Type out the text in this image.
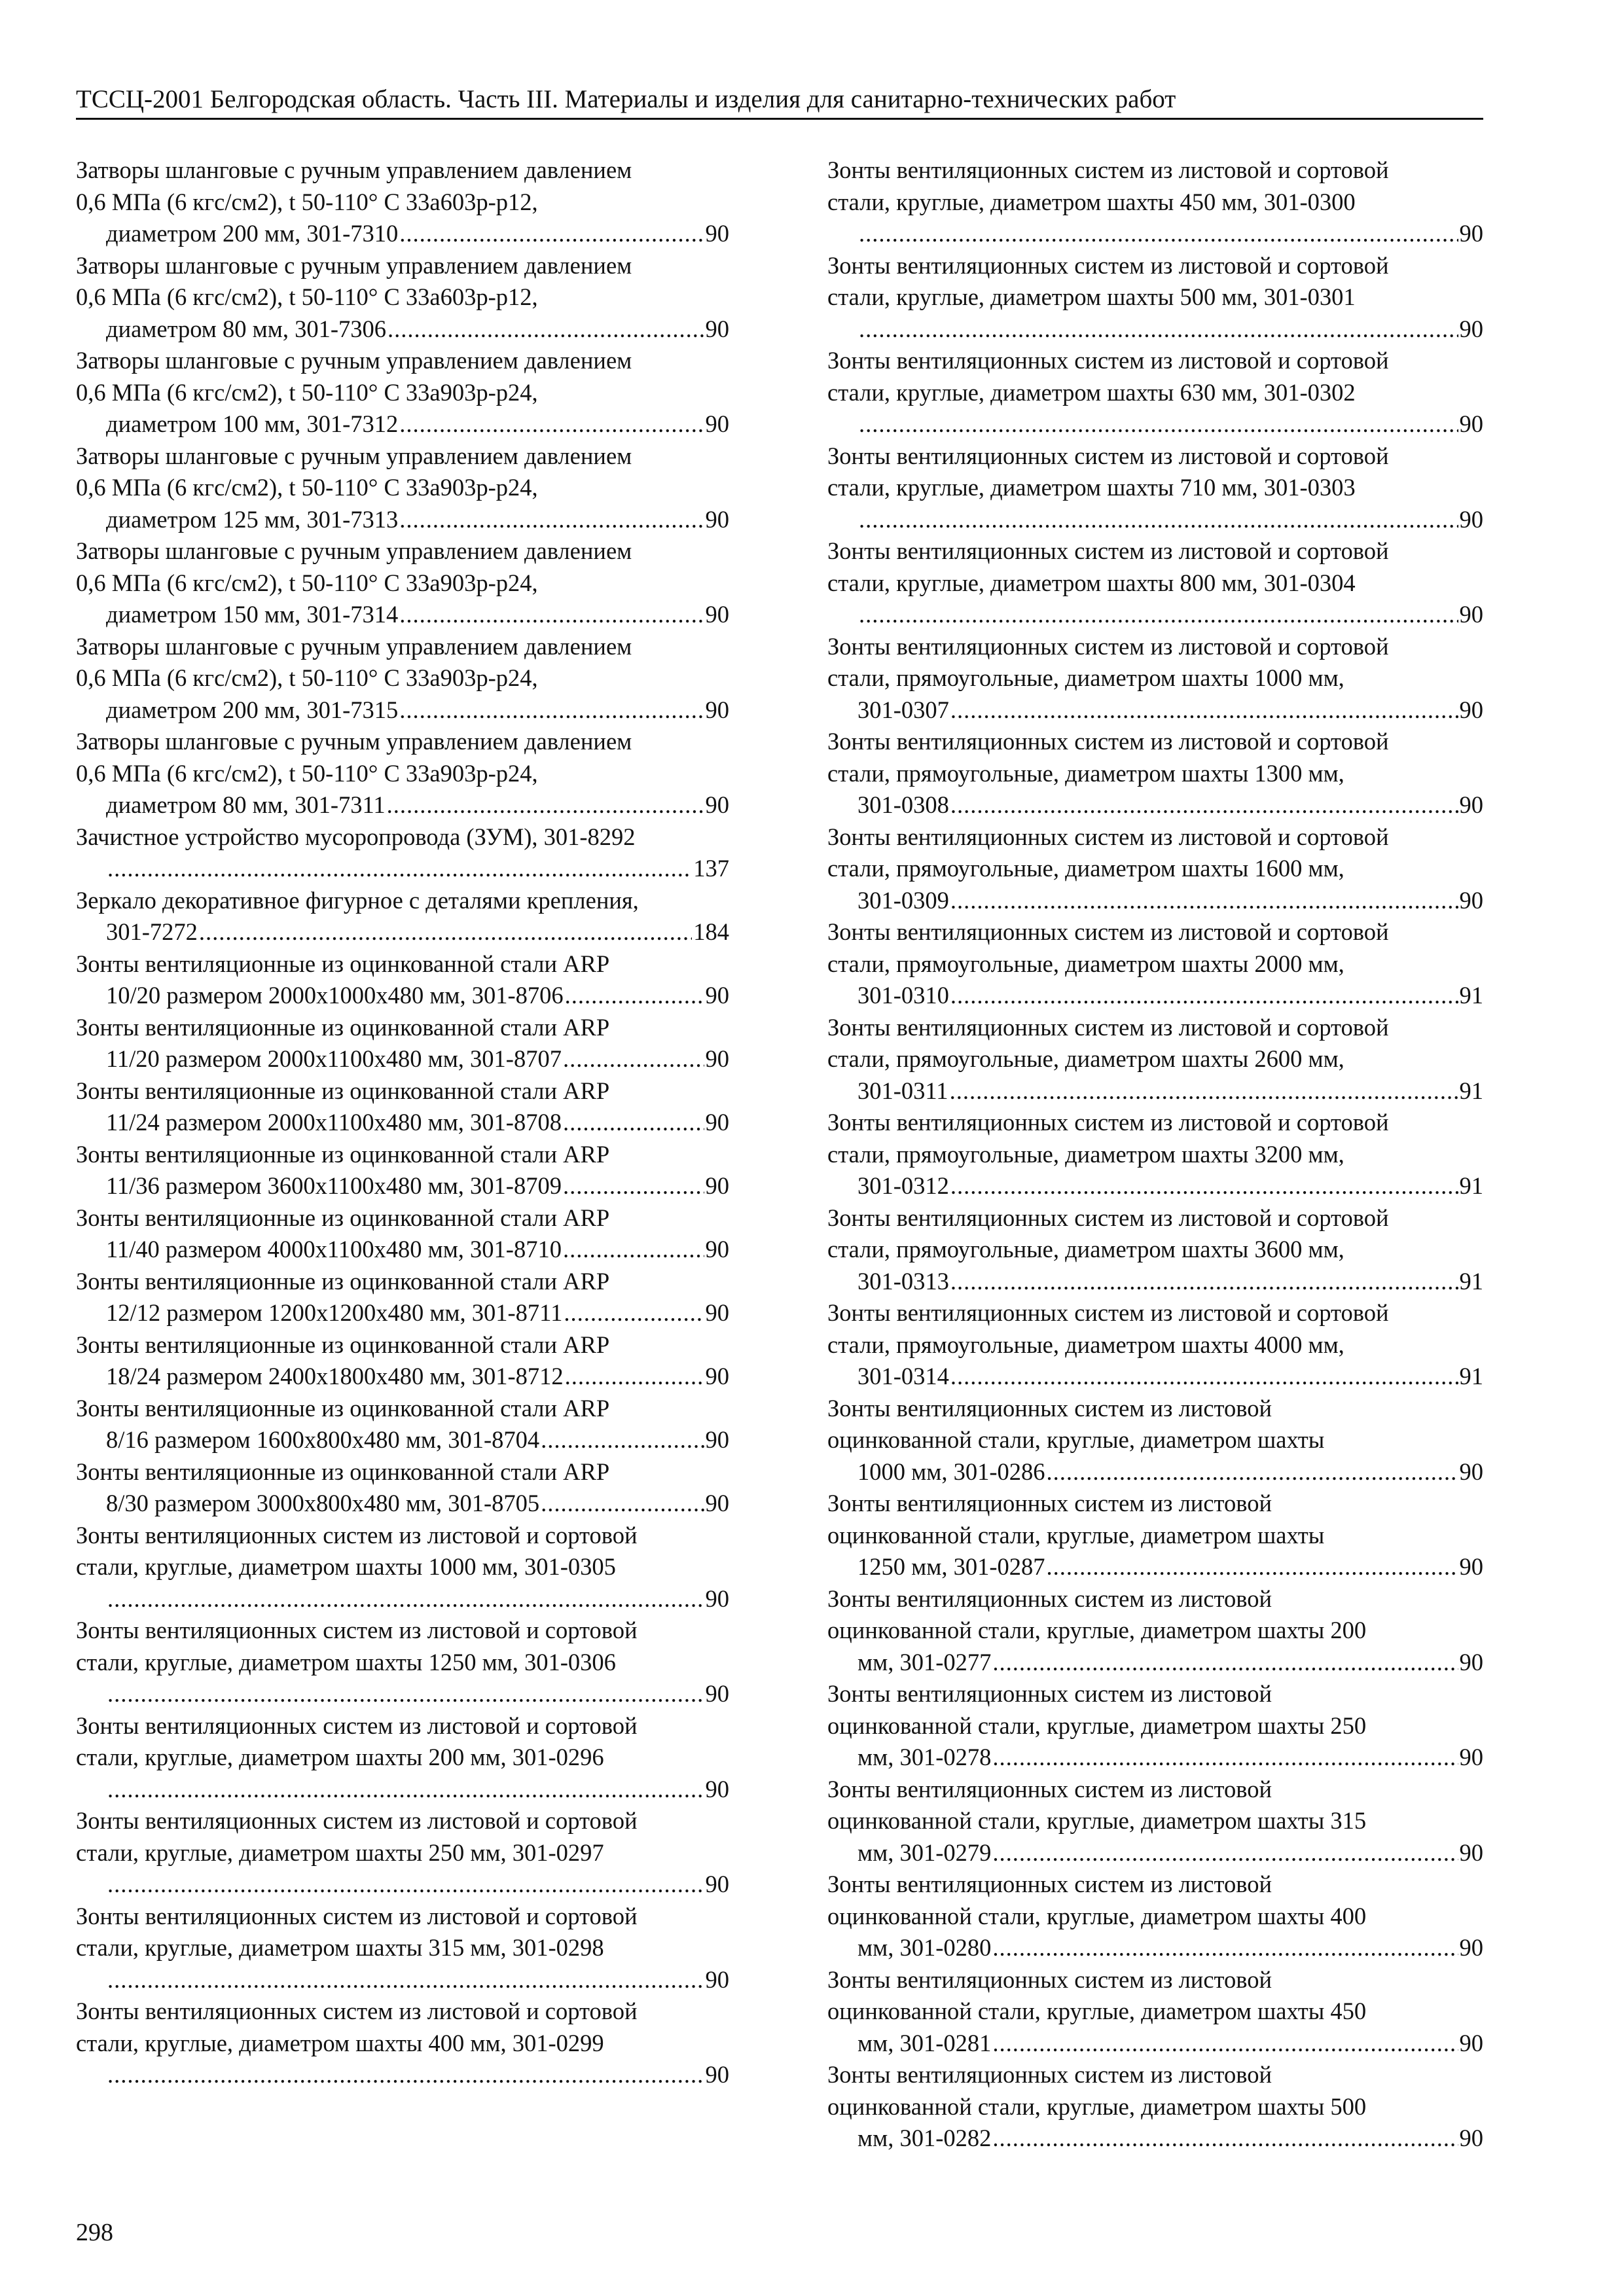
ТССЦ-2001 Белгородская область. Часть III. Материалы и изделия для санитарно-технических работ
Затворы шланговые с ручным управлением давлением
0,6 МПа (6 кгс/см2), t 50-110° С 33а603р-р12,
диаметром 200 мм, 301-7310 .....	90
Затворы шланговые с ручным управлением давлением
0,6 МПа (6 кгс/см2), t 50-110° С 33а603р-р12,
диаметром 80 мм, 301-7306 .....	90
Затворы шланговые с ручным управлением давлением
0,6 МПа (6 кгс/см2), t 50-110° С 33а903р-р24,
диаметром 100 мм, 301-7312 .....	90
Затворы шланговые с ручным управлением давлением
0,6 МПа (6 кгс/см2), t 50-110° С 33а903р-р24,
диаметром 125 мм, 301-7313 .....	90
Затворы шланговые с ручным управлением давлением
0,6 МПа (6 кгс/см2), t 50-110° С 33а903р-р24,
диаметром 150 мм, 301-7314 .....	90
Затворы шланговые с ручным управлением давлением
0,6 МПа (6 кгс/см2), t 50-110° С 33а903р-р24,
диаметром 200 мм, 301-7315 .....	90
Затворы шланговые с ручным управлением давлением
0,6 МПа (6 кгс/см2), t 50-110° С 33а903р-р24,
диаметром 80 мм, 301-7311 .....	90
Зачистное устройство мусоропровода (ЗУМ), 301-8292
.....
137
Зеркало декоративное фигурное с деталями крепления,
301-7272 .....	184
Зонты вентиляционные из оцинкованной стали ARP
10/20 размером 2000x1000x480 мм, 301-8706 .....	90
Зонты вентиляционные из оцинкованной стали ARP
11/20 размером 2000x1100x480 мм, 301-8707 .....	90
Зонты вентиляционные из оцинкованной стали ARP
11/24 размером 2000x1100x480 мм, 301-8708 .....	90
Зонты вентиляционные из оцинкованной стали ARP
11/36 размером 3600x1100x480 мм, 301-8709 .....	90
Зонты вентиляционные из оцинкованной стали ARP
11/40 размером 4000x1100x480 мм, 301-8710 .....	90
Зонты вентиляционные из оцинкованной стали ARP
12/12 размером 1200x1200x480 мм, 301-8711 .....	90
Зонты вентиляционные из оцинкованной стали ARP
18/24 размером 2400x1800x480 мм, 301-8712 .....	90
Зонты вентиляционные из оцинкованной стали ARP
8/16 размером 1600x800x480 мм, 301-8704 .....	90
Зонты вентиляционные из оцинкованной стали ARP
8/30 размером 3000x800x480 мм, 301-8705 .....	90
Зонты вентиляционных систем из листовой и сортовой
стали, круглые, диаметром шахты 1000 мм, 301-0305
.....
90
Зонты вентиляционных систем из листовой и сортовой
стали, круглые, диаметром шахты 1250 мм, 301-0306
.....
90
Зонты вентиляционных систем из листовой и сортовой
стали, круглые, диаметром шахты 200 мм, 301-0296
.....
90
Зонты вентиляционных систем из листовой и сортовой
стали, круглые, диаметром шахты 250 мм, 301-0297
.....
90
Зонты вентиляционных систем из листовой и сортовой
стали, круглые, диаметром шахты 315 мм, 301-0298
.....
90
Зонты вентиляционных систем из листовой и сортовой
стали, круглые, диаметром шахты 400 мм, 301-0299
.....
90
Зонты вентиляционных систем из листовой и сортовой
стали, круглые, диаметром шахты 450 мм, 301-0300
.....
90
Зонты вентиляционных систем из листовой и сортовой
стали, круглые, диаметром шахты 500 мм, 301-0301
.....
90
Зонты вентиляционных систем из листовой и сортовой
стали, круглые, диаметром шахты 630 мм, 301-0302
.....
90
Зонты вентиляционных систем из листовой и сортовой
стали, круглые, диаметром шахты 710 мм, 301-0303
.....
90
Зонты вентиляционных систем из листовой и сортовой
стали, круглые, диаметром шахты 800 мм, 301-0304
.....
90
Зонты вентиляционных систем из листовой и сортовой
стали, прямоугольные, диаметром шахты 1000 мм,
301-0307 .....	90
Зонты вентиляционных систем из листовой и сортовой
стали, прямоугольные, диаметром шахты 1300 мм,
301-0308 .....	90
Зонты вентиляционных систем из листовой и сортовой
стали, прямоугольные, диаметром шахты 1600 мм,
301-0309 .....	90
Зонты вентиляционных систем из листовой и сортовой
стали, прямоугольные, диаметром шахты 2000 мм,
301-0310 .....	91
Зонты вентиляционных систем из листовой и сортовой
стали, прямоугольные, диаметром шахты 2600 мм,
301-0311 .....	91
Зонты вентиляционных систем из листовой и сортовой
стали, прямоугольные, диаметром шахты 3200 мм,
301-0312 .....	91
Зонты вентиляционных систем из листовой и сортовой
стали, прямоугольные, диаметром шахты 3600 мм,
301-0313 .....	91
Зонты вентиляционных систем из листовой и сортовой
стали, прямоугольные, диаметром шахты 4000 мм,
301-0314 .....	91
Зонты вентиляционных систем из листовой
оцинкованной стали, круглые, диаметром шахты
1000 мм, 301-0286 .....	90
Зонты вентиляционных систем из листовой
оцинкованной стали, круглые, диаметром шахты
1250 мм, 301-0287 .....	90
Зонты вентиляционных систем из листовой
оцинкованной стали, круглые, диаметром шахты 200
мм, 301-0277 .....	90
Зонты вентиляционных систем из листовой
оцинкованной стали, круглые, диаметром шахты 250
мм, 301-0278 .....	90
Зонты вентиляционных систем из листовой
оцинкованной стали, круглые, диаметром шахты 315
мм, 301-0279 .....	90
Зонты вентиляционных систем из листовой
оцинкованной стали, круглые, диаметром шахты 400
мм, 301-0280 .....	90
Зонты вентиляционных систем из листовой
оцинкованной стали, круглые, диаметром шахты 450
мм, 301-0281 .....	90
Зонты вентиляционных систем из листовой
оцинкованной стали, круглые, диаметром шахты 500
мм, 301-0282 .....	90
298
